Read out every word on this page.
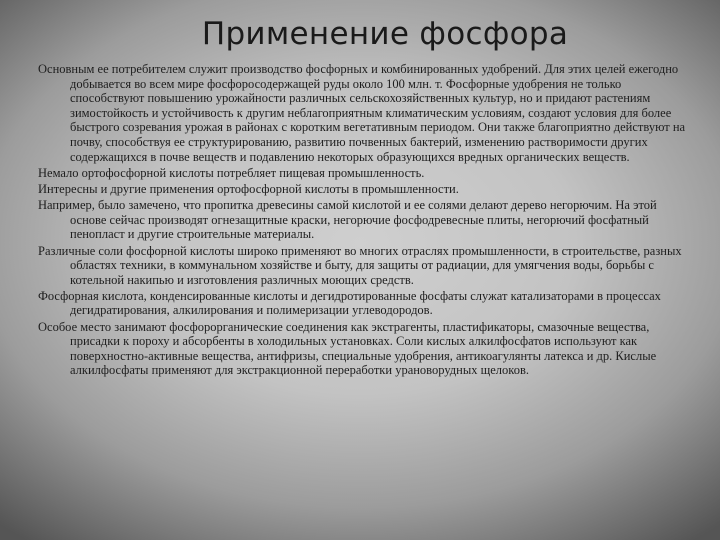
Применение фосфора

Основным ее потребителем служит производство фосфорных и комбинированных удобрений. Для этих целей ежегодно добывается во всем мире фосфоросодержащей руды около 100 млн. т. Фосфорные удобрения не только способствуют повышению урожайности различных сельскохозяйственных культур, но и придают растениям зимостойкость и устойчивость к другим неблагоприятным климатическим условиям, создают условия для более быстрого созревания урожая в районах с коротким вегетативным периодом. Они также благоприятно действуют на почву, способствуя ее структурированию, развитию почвенных бактерий, изменению растворимости других содержащихся в почве веществ и подавлению некоторых образующихся вредных органических веществ.

Немало ортофосфорной кислоты потребляет пищевая промышленность.

Интересны и другие применения ортофосфорной кислоты в промышленности.

Например, было замечено, что пропитка древесины самой кислотой и ее солями делают дерево негорючим. На этой основе сейчас производят огнезащитные краски, негорючие фосфодревесные плиты, негорючий фосфатный пенопласт и другие строительные материалы.

Различные соли фосфорной кислоты широко применяют во многих отраслях промышленности, в строительстве, разных областях техники, в коммунальном хозяйстве и быту, для защиты от радиации, для умягчения воды, борьбы с котельной накипью и изготовления различных моющих средств.

Фосфорная кислота, конденсированные кислоты и дегидротированные фосфаты служат катализаторами в процессах дегидратирования, алкилирования и полимеризации углеводородов.

Особое место занимают фосфорорганические соединения как экстрагенты, пластификаторы, смазочные вещества, присадки к пороху и абсорбенты в холодильных установках. Соли кислых алкилфосфатов используют как поверхностно-активные вещества, антифризы, специальные удобрения, антикоагулянты латекса и др. Кислые алкилфосфаты применяют для экстракционной переработки урановорудных щелоков.
